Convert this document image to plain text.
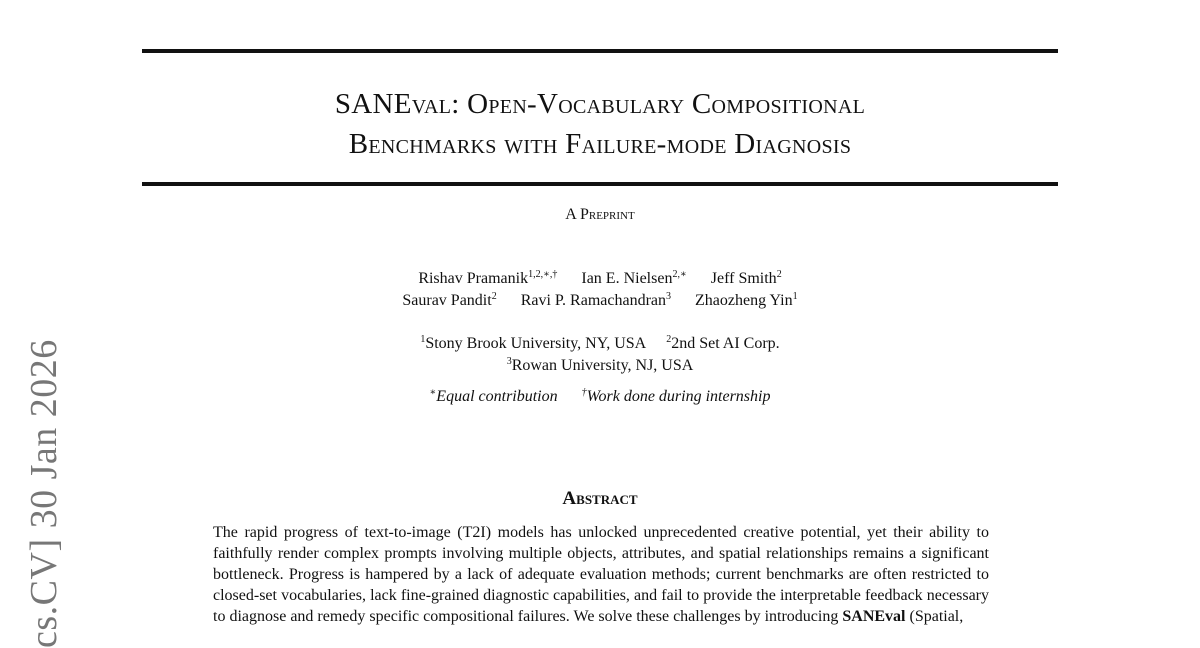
cs.CV] 30 Jan 2026
SANEval: Open-Vocabulary Compositional
Benchmarks with Failure-mode Diagnosis
A Preprint
Rishav Pramanik$^{1,2,∗,\dagger}$ Ian E. Nielsen$^{2,∗}$ Jeff Smith$^2$
Saurav Pandit$^2$ Ravi P. Ramachandran$^3$ Zhaozheng Yin$^1$
$^1$Stony Brook University, NY, USA $^2$2nd Set AI Corp.
$^3$Rowan University, NJ, USA
∗Equal contribution †Work done during internship
Abstract

The rapid progress of text-to-image (T2I) models has unlocked unprecedented creative potential, yet their ability to faithfully render complex prompts involving multiple objects, attributes, and spatial relationships remains a significant bottleneck. Progress is hampered by a lack of adequate evaluation methods; current benchmarks are often restricted to closed-set vocabularies, lack fine-grained diagnostic capabilities, and fail to provide the interpretable feedback necessary to diagnose and remedy specific compositional failures. We solve these challenges by introducing SANEval (Spatial,
